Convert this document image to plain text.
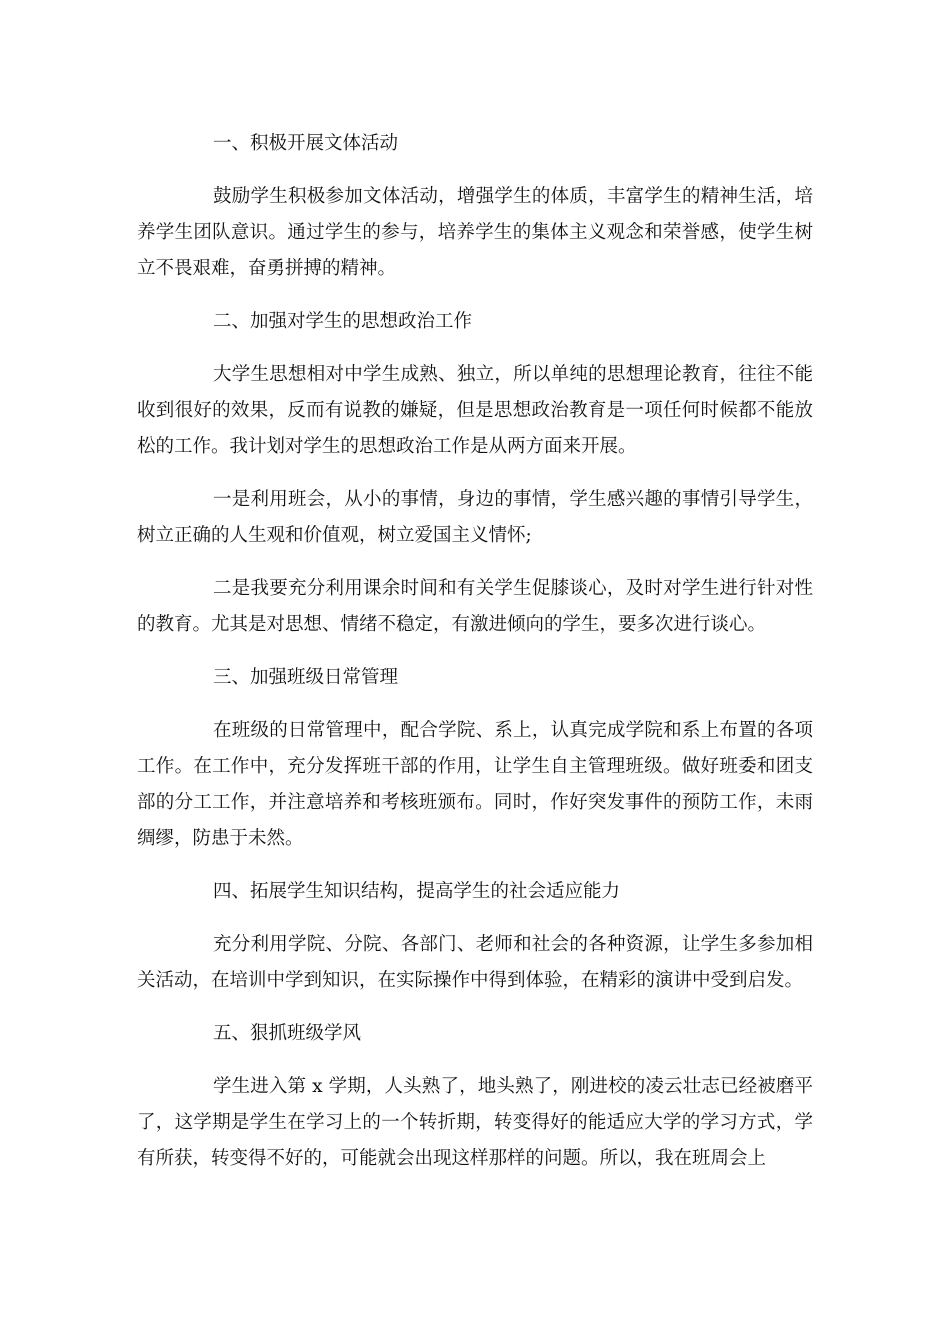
一、积极开展文体活动

鼓励学生积极参加文体活动，增强学生的体质，丰富学生的精神生活，培养学生团队意识。通过学生的参与，培养学生的集体主义观念和荣誉感，使学生树立不畏艰难，奋勇拼搏的精神。

二、加强对学生的思想政治工作

大学生思想相对中学生成熟、独立，所以单纯的思想理论教育，往往不能收到很好的效果，反而有说教的嫌疑，但是思想政治教育是一项任何时候都不能放松的工作。我计划对学生的思想政治工作是从两方面来开展。

一是利用班会，从小的事情，身边的事情，学生感兴趣的事情引导学生，树立正确的人生观和价值观，树立爱国主义情怀;

二是我要充分利用课余时间和有关学生促膝谈心，及时对学生进行针对性的教育。尤其是对思想、情绪不稳定，有激进倾向的学生，要多次进行谈心。

三、加强班级日常管理

在班级的日常管理中，配合学院、系上，认真完成学院和系上布置的各项工作。在工作中，充分发挥班干部的作用，让学生自主管理班级。做好班委和团支部的分工工作，并注意培养和考核班颁布。同时，作好突发事件的预防工作，未雨绸缪，防患于未然。

四、拓展学生知识结构，提高学生的社会适应能力

充分利用学院、分院、各部门、老师和社会的各种资源，让学生多参加相关活动，在培训中学到知识，在实际操作中得到体验，在精彩的演讲中受到启发。

五、狠抓班级学风

学生进入第 x 学期，人头熟了，地头熟了，刚进校的凌云壮志已经被磨平了，这学期是学生在学习上的一个转折期，转变得好的能适应大学的学习方式，学有所获，转变得不好的，可能就会出现这样那样的问题。所以，我在班周会上
